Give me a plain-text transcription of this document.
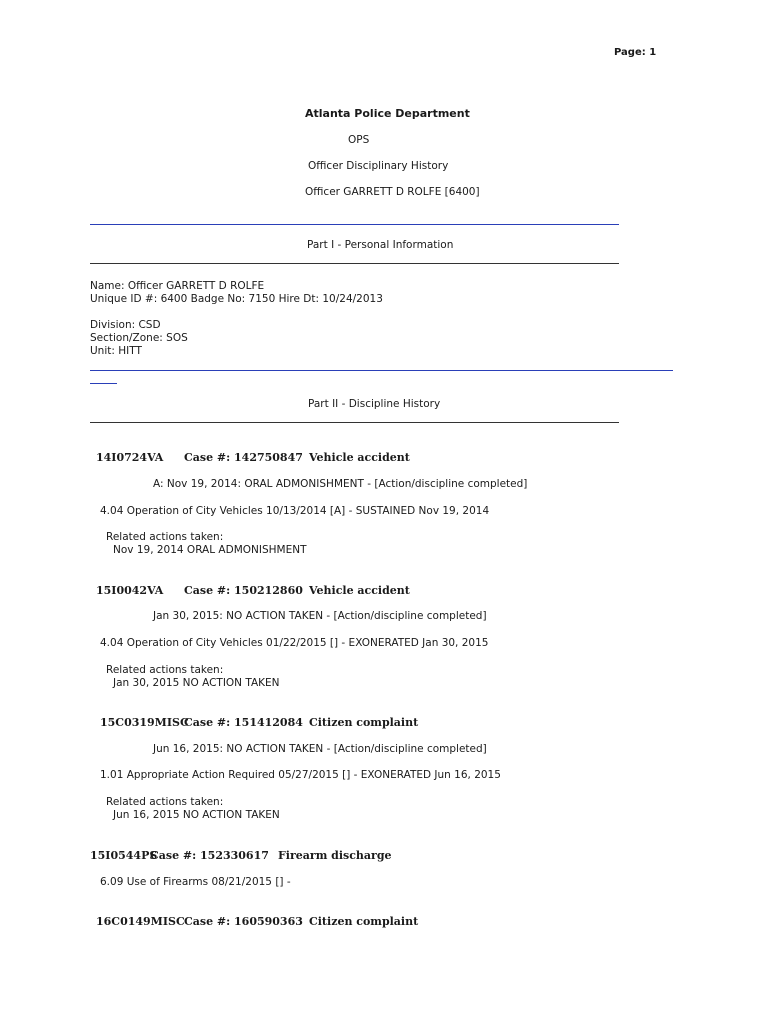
Page: 1
Atlanta Police Department
OPS
Officer Disciplinary History
Officer GARRETT D ROLFE [6400]
Part I - Personal Information
Name: Officer GARRETT D ROLFE
Unique ID #: 6400 Badge No: 7150 Hire Dt: 10/24/2013
Division: CSD
Section/Zone: SOS
Unit: HITT
Part II - Discipline History
14I0724VA Case #: 142750847 Vehicle accident
A: Nov 19, 2014: ORAL ADMONISHMENT - [Action/discipline completed]
4.04 Operation of City Vehicles 10/13/2014 [A] - SUSTAINED Nov 19, 2014
Related actions taken:
Nov 19, 2014 ORAL ADMONISHMENT
15I0042VA Case #: 150212860 Vehicle accident
Jan 30, 2015: NO ACTION TAKEN - [Action/discipline completed]
4.04 Operation of City Vehicles 01/22/2015 [] - EXONERATED Jan 30, 2015
Related actions taken:
Jan 30, 2015 NO ACTION TAKEN
15C0319MISCCase #: 151412084 Citizen complaint
Jun 16, 2015: NO ACTION TAKEN - [Action/discipline completed]
1.01 Appropriate Action Required 05/27/2015 [] - EXONERATED Jun 16, 2015
Related actions taken:
Jun 16, 2015 NO ACTION TAKEN
15I0544PSCase #: 152330617 Firearm discharge
6.09 Use of Firearms 08/21/2015 [] -
16C0149MISCCase #: 160590363 Citizen complaint
